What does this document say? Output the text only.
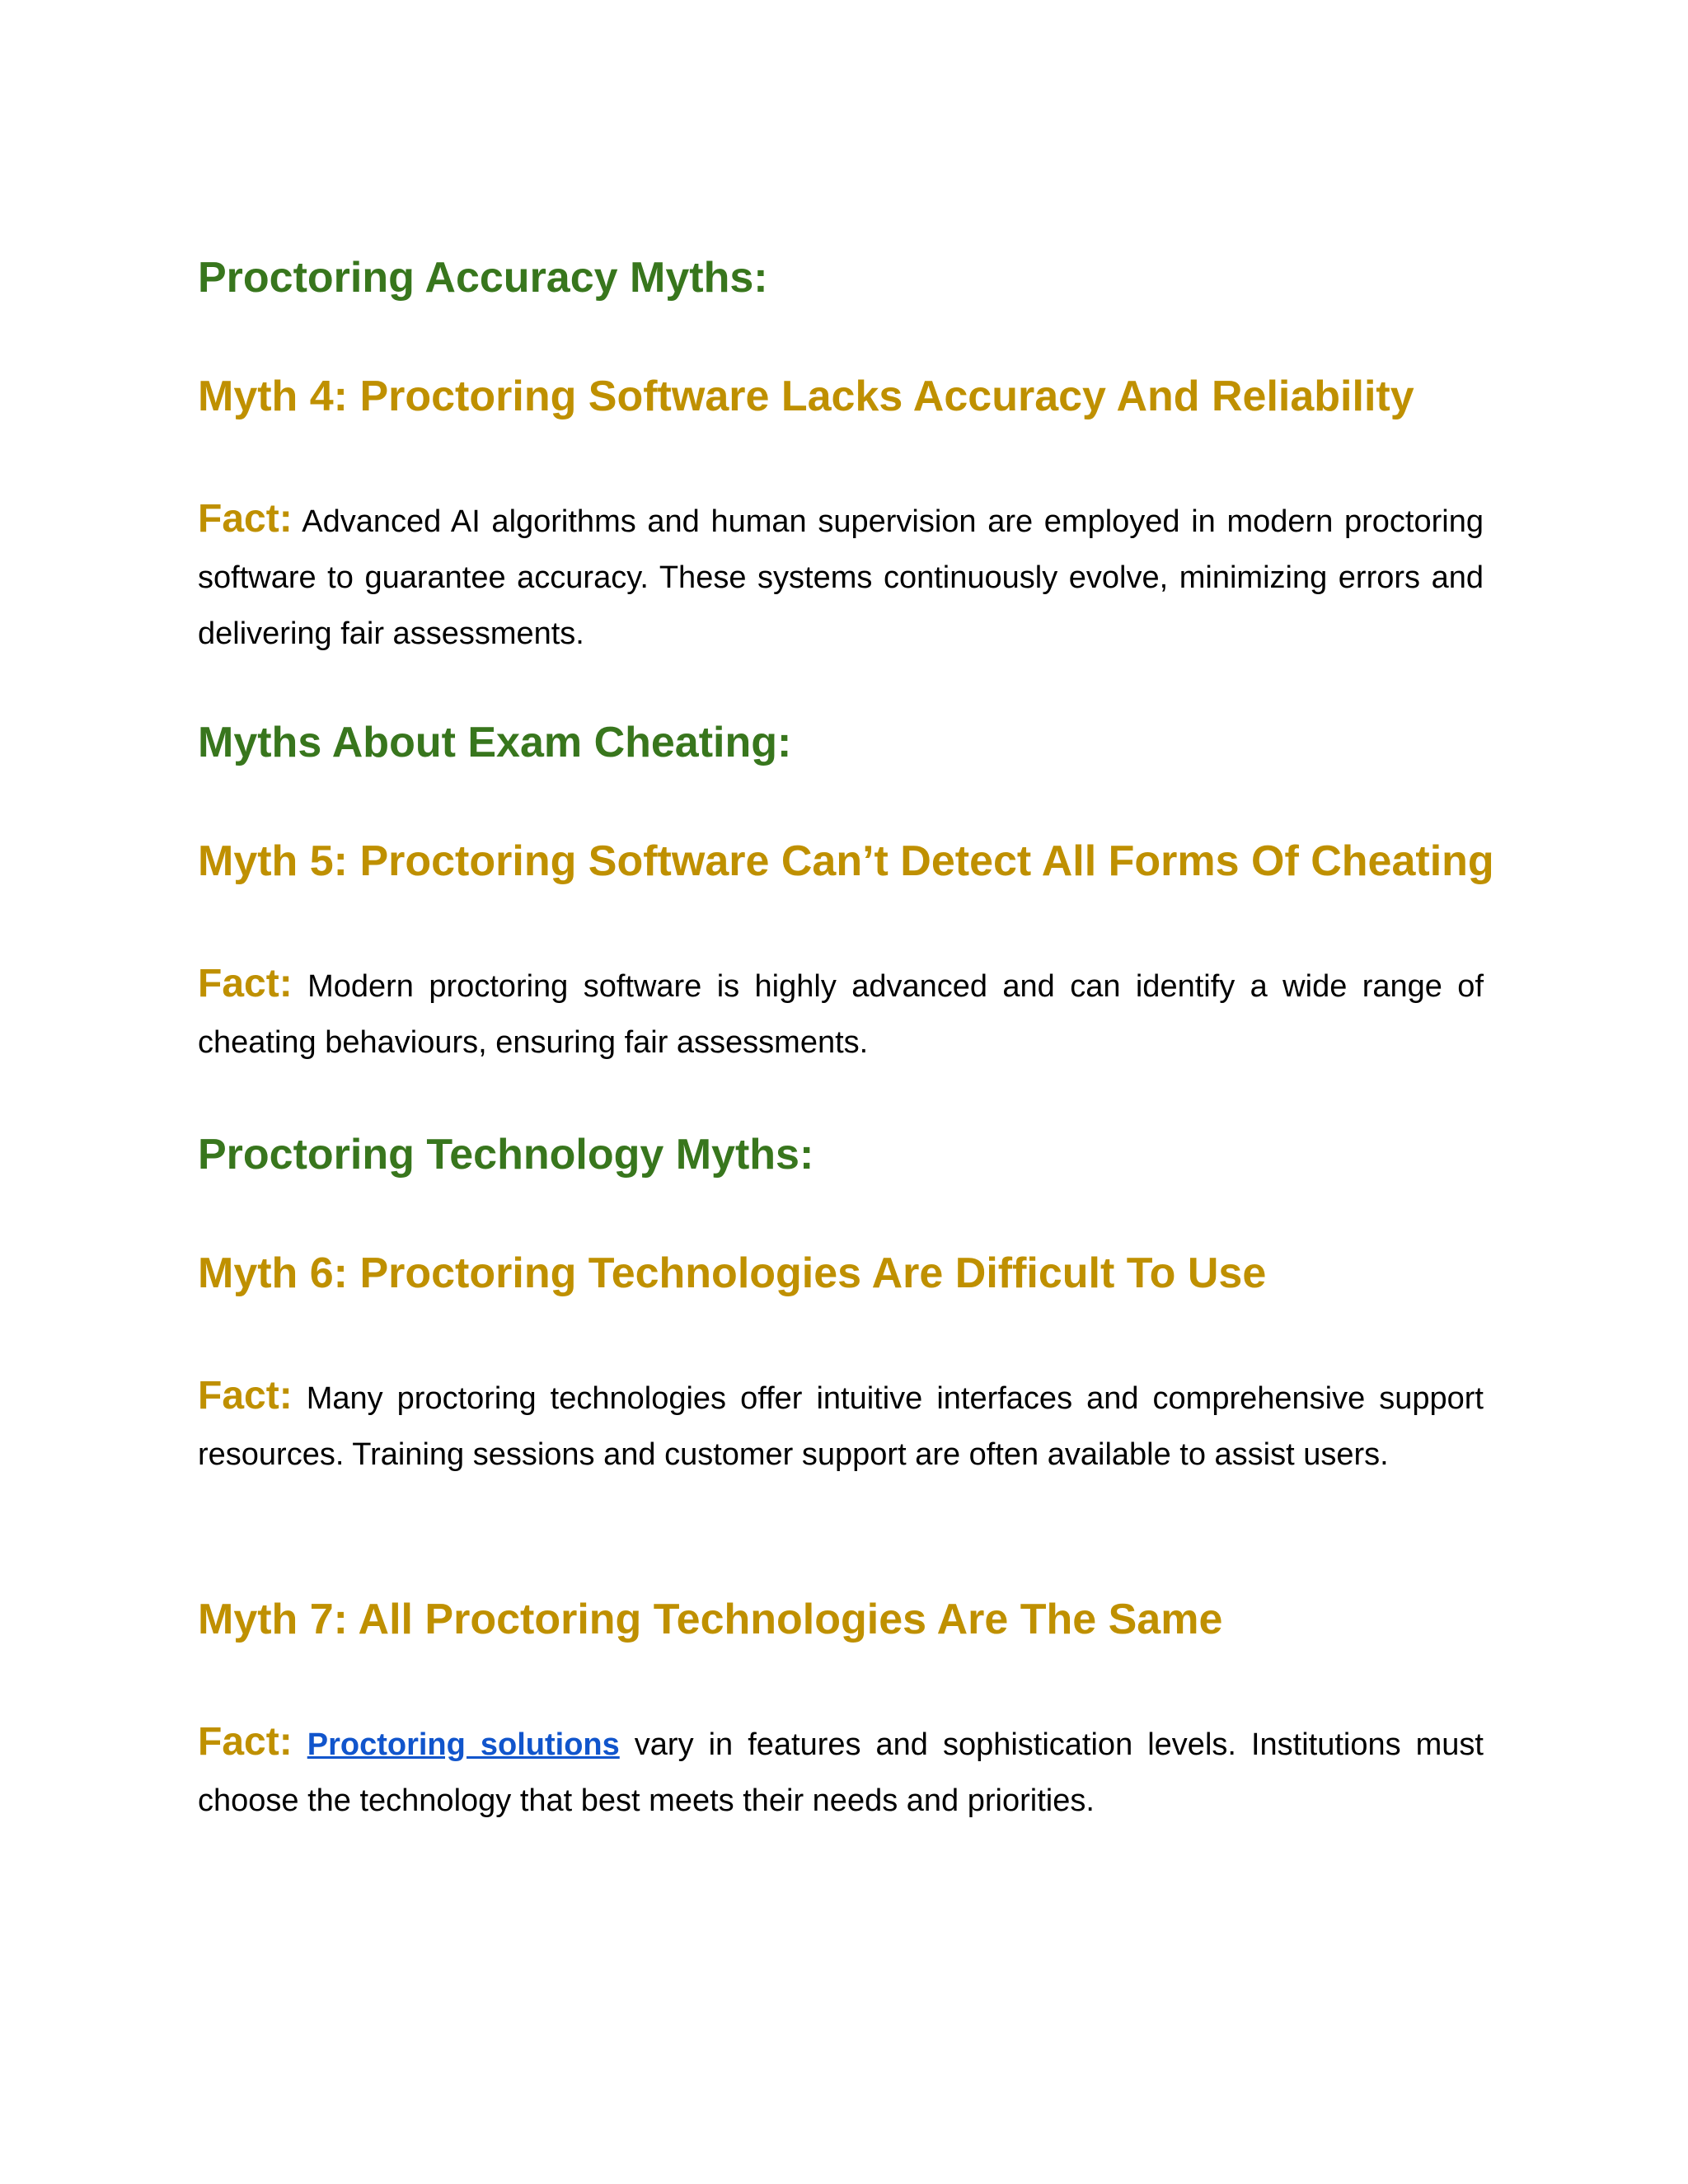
Proctoring Accuracy Myths:
Myth 4: Proctoring Software Lacks Accuracy And Reliability

Fact: Advanced AI algorithms and human supervision are employed in modern proctoring software to guarantee accuracy. These systems continuously evolve, minimizing errors and delivering fair assessments.

Myths About Exam Cheating:
Myth 5: Proctoring Software Can’t Detect All Forms Of Cheating

Fact: Modern proctoring software is highly advanced and can identify a wide range of cheating behaviours, ensuring fair assessments.

Proctoring Technology Myths:
Myth 6: Proctoring Technologies Are Difficult To Use

Fact: Many proctoring technologies offer intuitive interfaces and comprehensive support resources. Training sessions and customer support are often available to assist users.

Myth 7: All Proctoring Technologies Are The Same

Fact: Proctoring solutions vary in features and sophistication levels. Institutions must choose the technology that best meets their needs and priorities.
